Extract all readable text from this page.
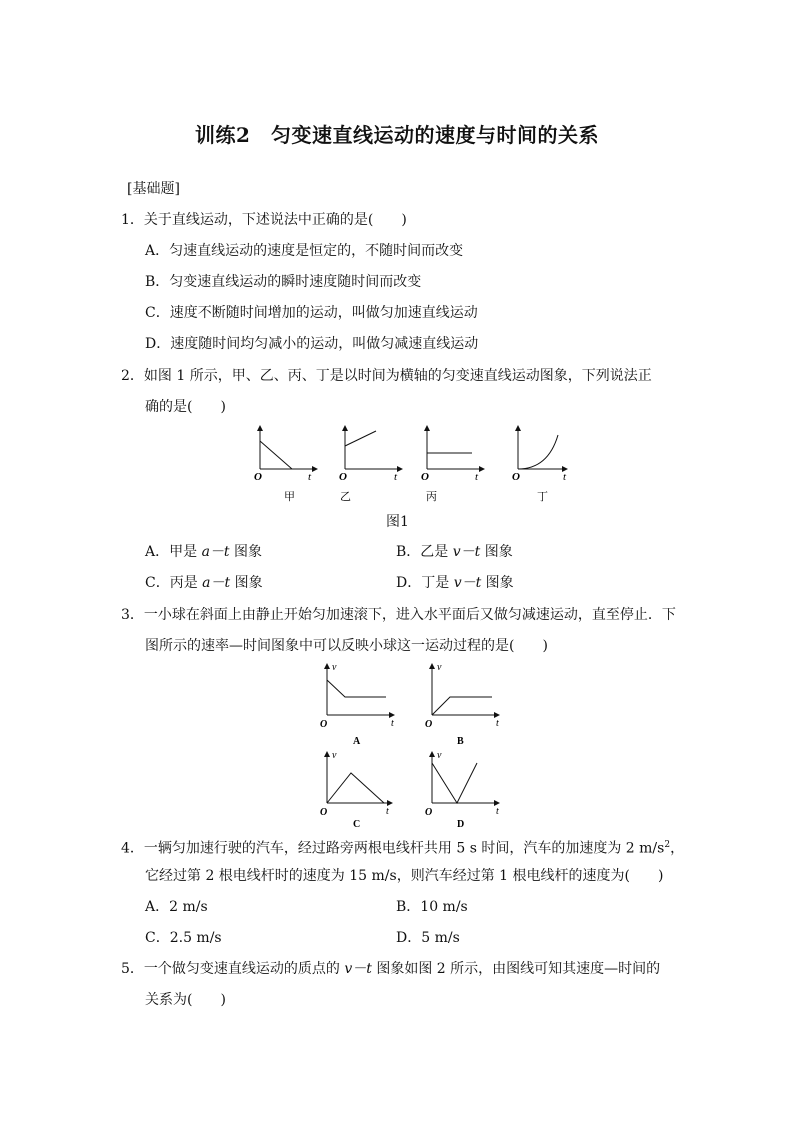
训练2　匀变速直线运动的速度与时间的关系
[基础题]
1．关于直线运动，下述说法中正确的是(　　)
A．匀速直线运动的速度是恒定的，不随时间而改变
B．匀变速直线运动的瞬时速度随时间而改变
C．速度不断随时间增加的运动，叫做匀加速直线运动
D．速度随时间均匀减小的运动，叫做匀减速直线运动
2．如图 1 所示，甲、乙、丙、丁是以时间为横轴的匀变速直线运动图象，下列说法正
确的是(　　)
O	t
甲
O	t
乙
O	t
丙
O	t
丁
图1
A．甲是 a－t 图象	B．乙是 v－t 图象
C．丙是 a－t 图象	D．丁是 v－t 图象
3．一小球在斜面上由静止开始匀加速滚下，进入水平面后又做匀减速运动，直至停止．下
图所示的速率—时间图象中可以反映小球这一运动过程的是(　　)
v
O	t
A
v
O	t
B
v
O	t
C
v
O	t
D
4．一辆匀加速行驶的汽车，经过路旁两根电线杆共用 5 s 时间，汽车的加速度为 2 $m/s^2$，
它经过第 2 根电线杆时的速度为 15 m/s，则汽车经过第 1 根电线杆的速度为(　　)
A．2 m/s	B．10 m/s
C．2.5 m/s	D．5 m/s
5．一个做匀变速直线运动的质点的 v－t 图象如图 2 所示，由图线可知其速度—时间的
关系为(　　)
